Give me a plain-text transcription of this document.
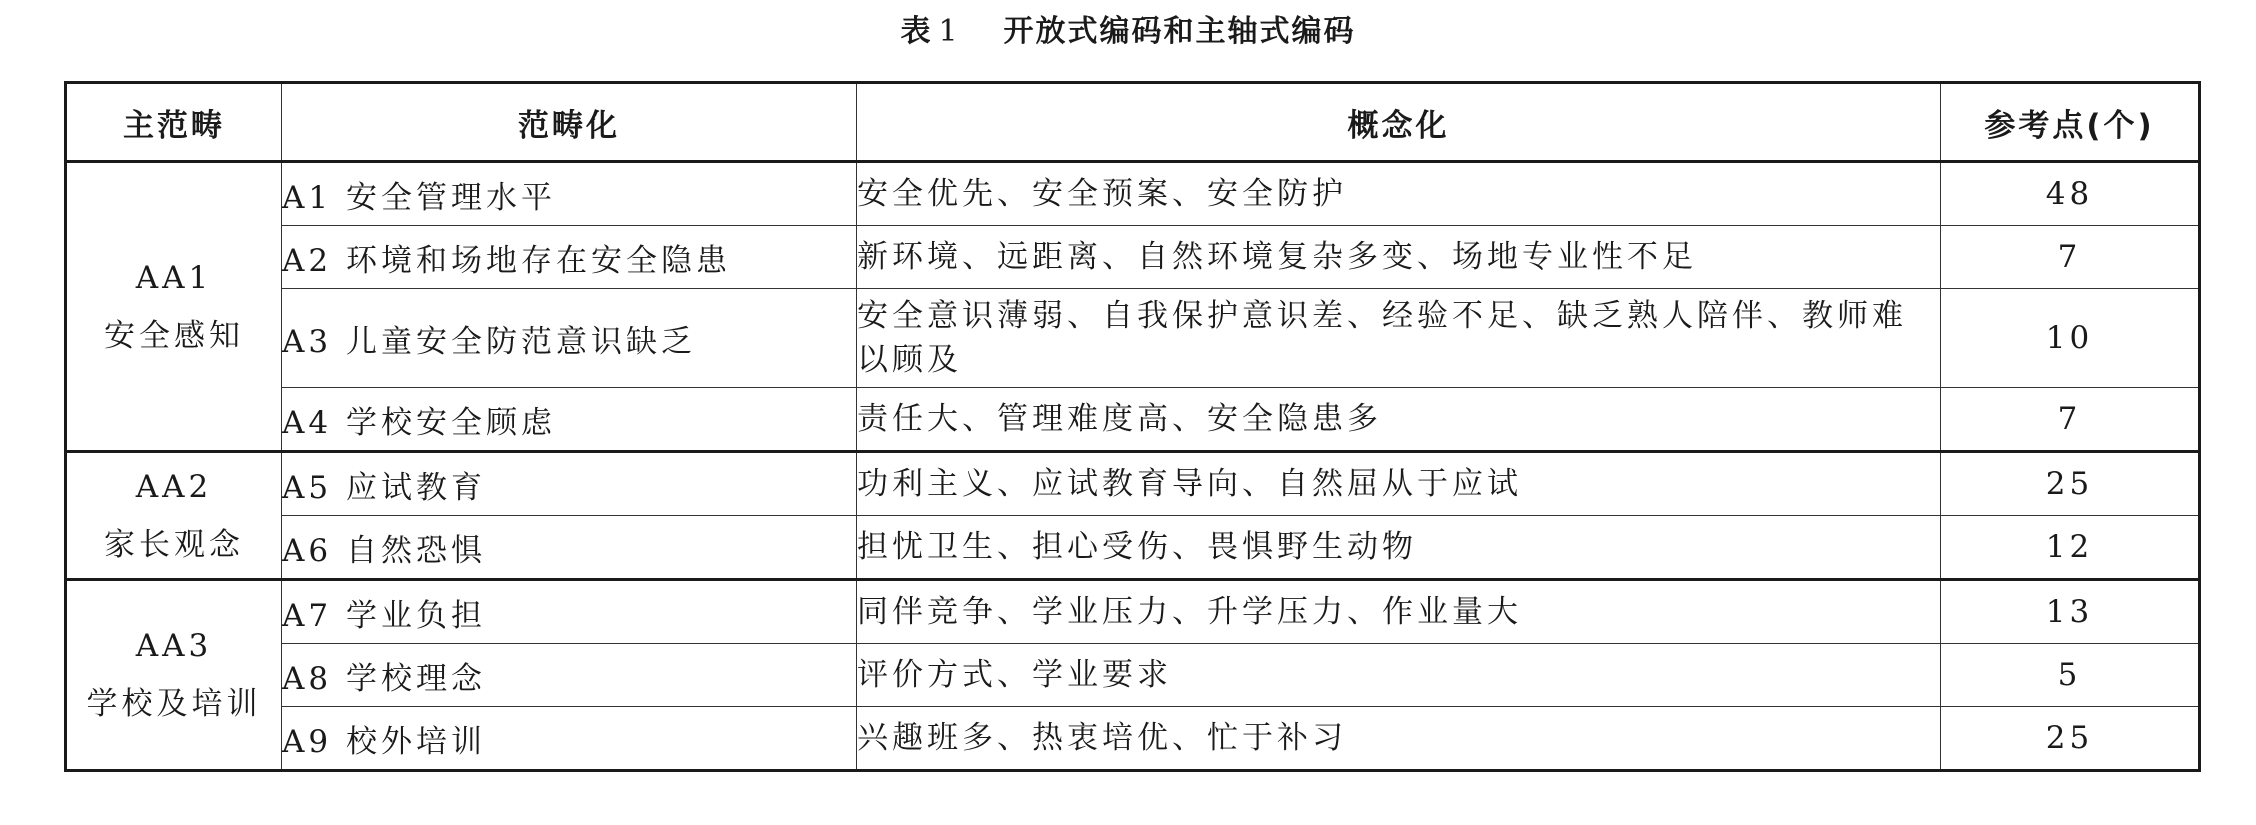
表 1 开放式编码和主轴式编码
主范畴	范畴化	概念化	参考点(个)

AA1
安全感知	A1 安全管理水平	安全优先、安全预案、安全防护	48
	A2 环境和场地存在安全隐患	新环境、远距离、自然环境复杂多变、场地专业性不足	7
	A3 儿童安全防范意识缺乏	安全意识薄弱、自我保护意识差、经验不足、缺乏熟人陪伴、教师难以顾及	10
	A4 学校安全顾虑	责任大、管理难度高、安全隐患多	7

AA2
家长观念	A5 应试教育	功利主义、应试教育导向、自然屈从于应试	25
	A6 自然恐惧	担忧卫生、担心受伤、畏惧野生动物	12

AA3
学校及培训	A7 学业负担	同伴竞争、学业压力、升学压力、作业量大	13
	A8 学校理念	评价方式、学业要求	5
	A9 校外培训	兴趣班多、热衷培优、忙于补习	25
